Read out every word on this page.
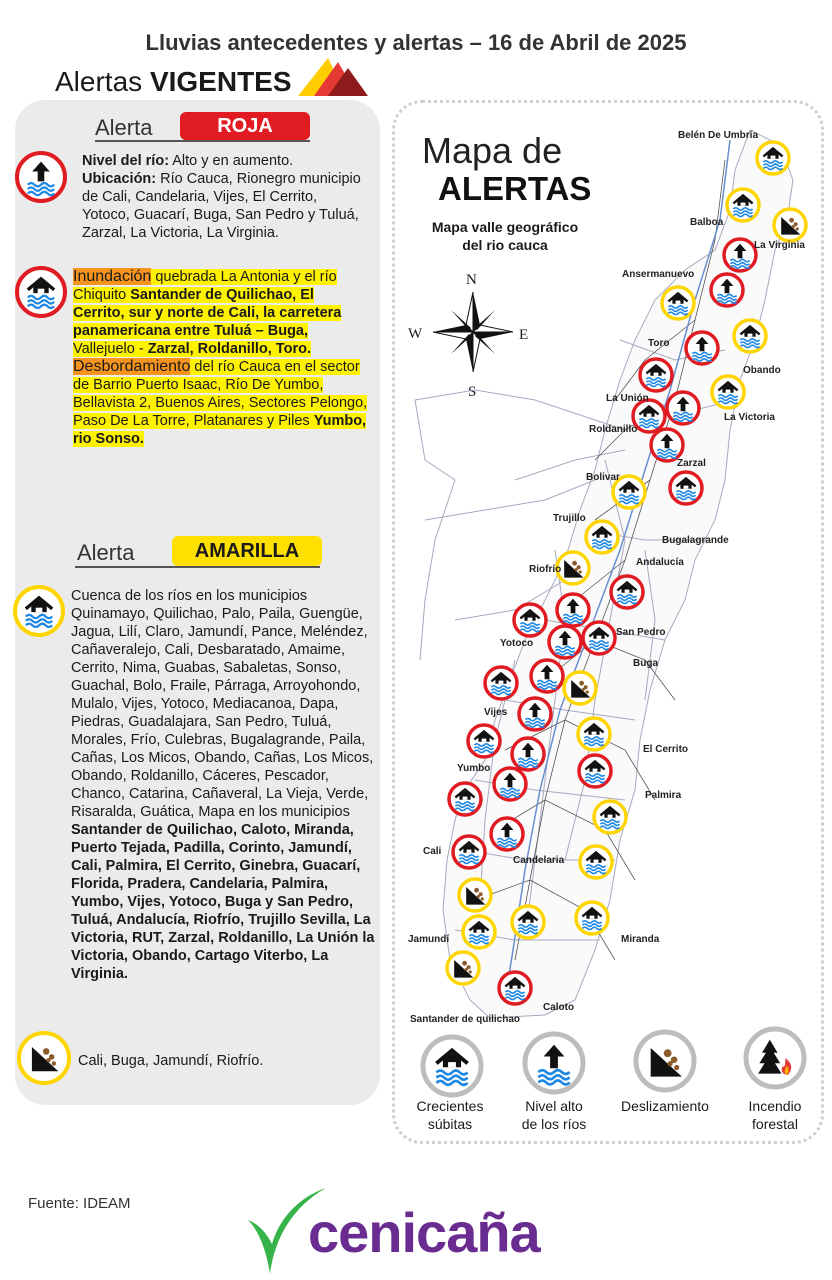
Lluvias antecedentes y alertas – 16 de Abril de 2025
Alertas VIGENTES
Alerta	ROJA
Nivel del río: Alto y en aumento.
Ubicación: Río Cauca, Rionegro municipio de Cali, Candelaria, Vijes, El Cerrito, Yotoco, Guacarí, Buga, San Pedro y Tuluá, Zarzal, La Victoria, La Virginia.
Inundación quebrada La Antonia y el río Chiquito Santander de Quilichao, El Cerrito, sur y norte de Cali, la carretera panamericana entre Tuluá – Buga, Vallejuelo - Zarzal, Roldanillo, Toro.
Desbordamiento del río Cauca en el sector de Barrio Puerto Isaac, Río De Yumbo, Bellavista 2, Buenos Aires, Sectores Pelongo, Paso De La Torre, Platanares y Piles Yumbo, rio Sonso.
Alerta	AMARILLA
Cuenca de los ríos en los municipios Quinamayo, Quilichao, Palo, Paila, Guengüe, Jagua, Lilí, Claro, Jamundí, Pance, Meléndez, Cañaveralejo, Cali, Desbaratado, Amaime, Cerrito, Nima, Guabas, Sabaletas, Sonso, Guachal, Bolo, Fraile, Párraga, Arroyohondo, Mulalo, Vijes, Yotoco, Mediacanoa, Dapa, Piedras, Guadalajara, San Pedro, Tuluá, Morales, Frío, Culebras, Bugalagrande, Paila, Cañas, Los Micos, Obando, Cañas, Los Micos, Obando, Roldanillo, Cáceres, Pescador, Chanco, Catarina, Cañaveral, La Vieja, Verde, Risaralda, Guática, Mapa en los municipios Santander de Quilichao, Caloto, Miranda, Puerto Tejada, Padilla, Corinto, Jamundí, Cali, Palmira, El Cerrito, Ginebra, Guacarí, Florida, Pradera, Candelaria, Palmira, Yumbo, Vijes, Yotoco, Buga y San Pedro, Tuluá, Andalucía, Riofrío, Trujillo Sevilla, La Victoria, RUT, Zarzal, Roldanillo, La Unión la Victoria, Obando, Cartago Viterbo, La Virginia.
Cali, Buga, Jamundí, Riofrío.
Mapa de
ALERTAS
Mapa valle geográfico
del rio cauca
N
S
E
W
Belén De Umbría
Balboa
La Virginia
Ansermanuevo
Toro
Obando
La Unión
La Victoria
Roldanillo
Zarzal
Bolivar
Trujillo
Bugalagrande
Andalucía
Riofrío
Yotoco
San Pedro
Buga
Vijes
El Cerrito
Yumbo
Palmira
Cali
Candelaria
Jamundí	Miranda
Caloto
Santander de quilichao
Crecientes
súbitas
Nivel alto
de los ríos
Deslizamiento	Incendio
forestal
Fuente: IDEAM	cenicaña
